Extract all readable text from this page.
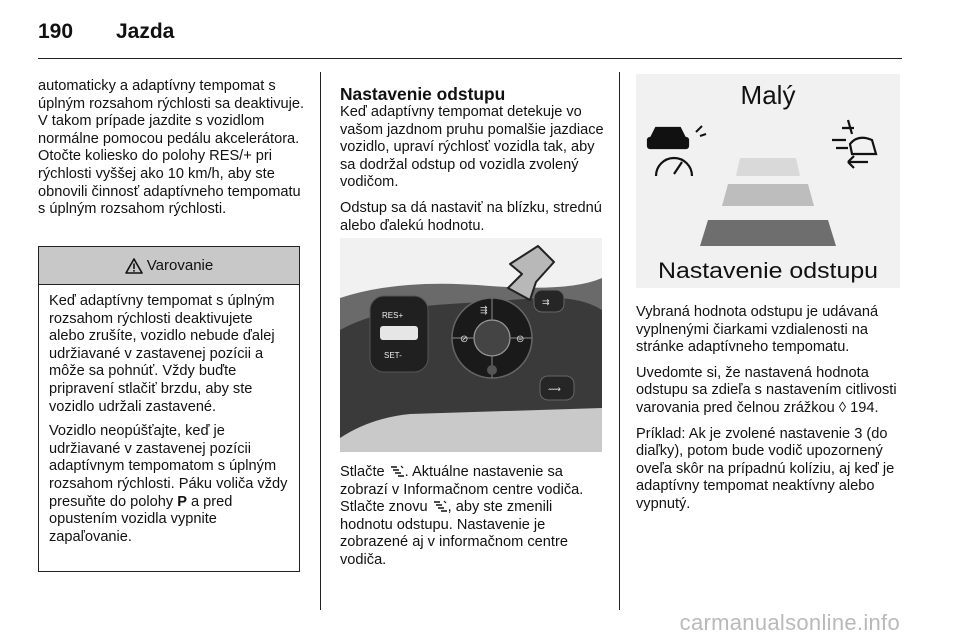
190 Jazda

automaticky a adaptívny tempomat s úplným rozsahom rýchlosti sa deaktivuje. V takom prípade jazdite s vozidlom normálne pomocou pedálu akcelerátora. Otočte koliesko do polohy RES/+ pri rýchlosti vyššej ako 10 km/h, aby ste obnovili činnosť adaptívneho tempomatu s úplným rozsahom rýchlosti.

Varovanie

Keď adaptívny tempomat s úplným rozsahom rýchlosti deaktivujete alebo zrušíte, vozidlo nebude ďalej udržiavané v zastavenej pozícii a môže sa pohnúť. Vždy buďte pripravení stlačiť brzdu, aby ste vozidlo udržali zastavené.

Vozidlo neopúšťajte, keď je udržiavané v zastavenej pozícii adaptívnym tempomatom s úplným rozsahom rýchlosti. Páku voliča vždy presuňte do polohy P a pred opustením vozidla vypnite zapaľovanie.

Nastavenie odstupu

Keď adaptívny tempomat detekuje vo vašom jazdnom pruhu pomalšie jazdiace vozidlo, upraví rýchlosť vozidla tak, aby sa dodržal odstup od vozidla zvolený vodičom.

Odstup sa dá nastaviť na blízku, strednú alebo ďalekú hodnotu.

RES+
SET-
⇶
⊘	⊜
⇉
⟿

Stlačte . Aktuálne nastavenie sa zobrazí v Informačnom centre vodiča. Stlačte znovu , aby ste zmenili hodnotu odstupu. Nastavenie je zobrazené aj v informačnom centre vodiča.

Malý
Nastavenie odstupu

Vybraná hodnota odstupu je udávaná vyplnenými čiarkami vzdialenosti na stránke adaptívneho tempomatu.

Uvedomte si, že nastavená hodnota odstupu sa zdieľa s nastavením citlivosti varovania pred čelnou zrážkou ◊ 194.

Príklad: Ak je zvolené nastavenie 3 (do diaľky), potom bude vodič upozornený oveľa skôr na prípadnú kolíziu, aj keď je adaptívny tempomat neaktívny alebo vypnutý.

carmanualsonline.info
